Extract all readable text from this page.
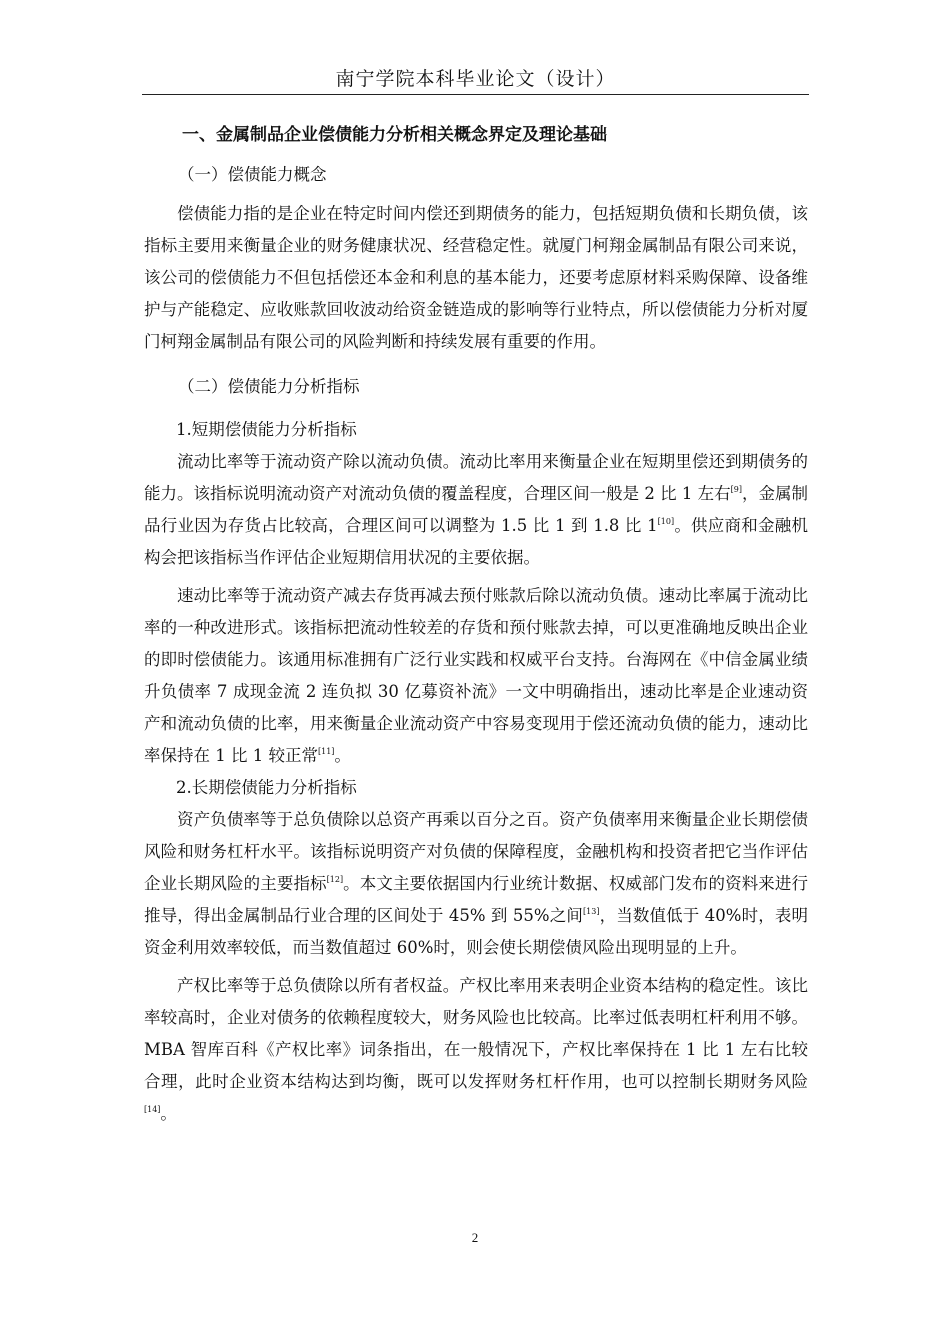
南宁学院本科毕业论文（设计）
一、金属制品企业偿债能力分析相关概念界定及理论基础
（一）偿债能力概念

偿债能力指的是企业在特定时间内偿还到期债务的能力，包括短期负债和长期负债，该指标主要用来衡量企业的财务健康状况、经营稳定性。就厦门柯翔金属制品有限公司来说，该公司的偿债能力不但包括偿还本金和利息的基本能力，还要考虑原材料采购保障、设备维护与产能稳定、应收账款回收波动给资金链造成的影响等行业特点，所以偿债能力分析对厦门柯翔金属制品有限公司的风险判断和持续发展有重要的作用。

（二）偿债能力分析指标
1.短期偿债能力分析指标

流动比率等于流动资产除以流动负债。流动比率用来衡量企业在短期里偿还到期债务的能力。该指标说明流动资产对流动负债的覆盖程度，合理区间一般是 2 比 1 左右[9]，金属制品行业因为存货占比较高，合理区间可以调整为 1.5 比 1 到 1.8 比 1[10]。供应商和金融机构会把该指标当作评估企业短期信用状况的主要依据。

速动比率等于流动资产减去存货再减去预付账款后除以流动负债。速动比率属于流动比率的一种改进形式。该指标把流动性较差的存货和预付账款去掉，可以更准确地反映出企业的即时偿债能力。该通用标准拥有广泛行业实践和权威平台支持。台海网在《中信金属业绩升负债率 7 成现金流 2 连负拟 30 亿募资补流》一文中明确指出，速动比率是企业速动资产和流动负债的比率，用来衡量企业流动资产中容易变现用于偿还流动负债的能力，速动比率保持在 1 比 1 较正常[11]。

2.长期偿债能力分析指标

资产负债率等于总负债除以总资产再乘以百分之百。资产负债率用来衡量企业长期偿债风险和财务杠杆水平。该指标说明资产对负债的保障程度，金融机构和投资者把它当作评估企业长期风险的主要指标[12]。本文主要依据国内行业统计数据、权威部门发布的资料来进行推导，得出金属制品行业合理的区间处于 45% 到 55%之间[13]，当数值低于 40%时，表明资金利用效率较低，而当数值超过 60%时，则会使长期偿债风险出现明显的上升。

产权比率等于总负债除以所有者权益。产权比率用来表明企业资本结构的稳定性。该比率较高时，企业对债务的依赖程度较大，财务风险也比较高。比率过低表明杠杆利用不够。MBA 智库百科《产权比率》词条指出，在一般情况下，产权比率保持在 1 比 1 左右比较合理，此时企业资本结构达到均衡，既可以发挥财务杠杆作用，也可以控制长期财务风险[14]。

2
